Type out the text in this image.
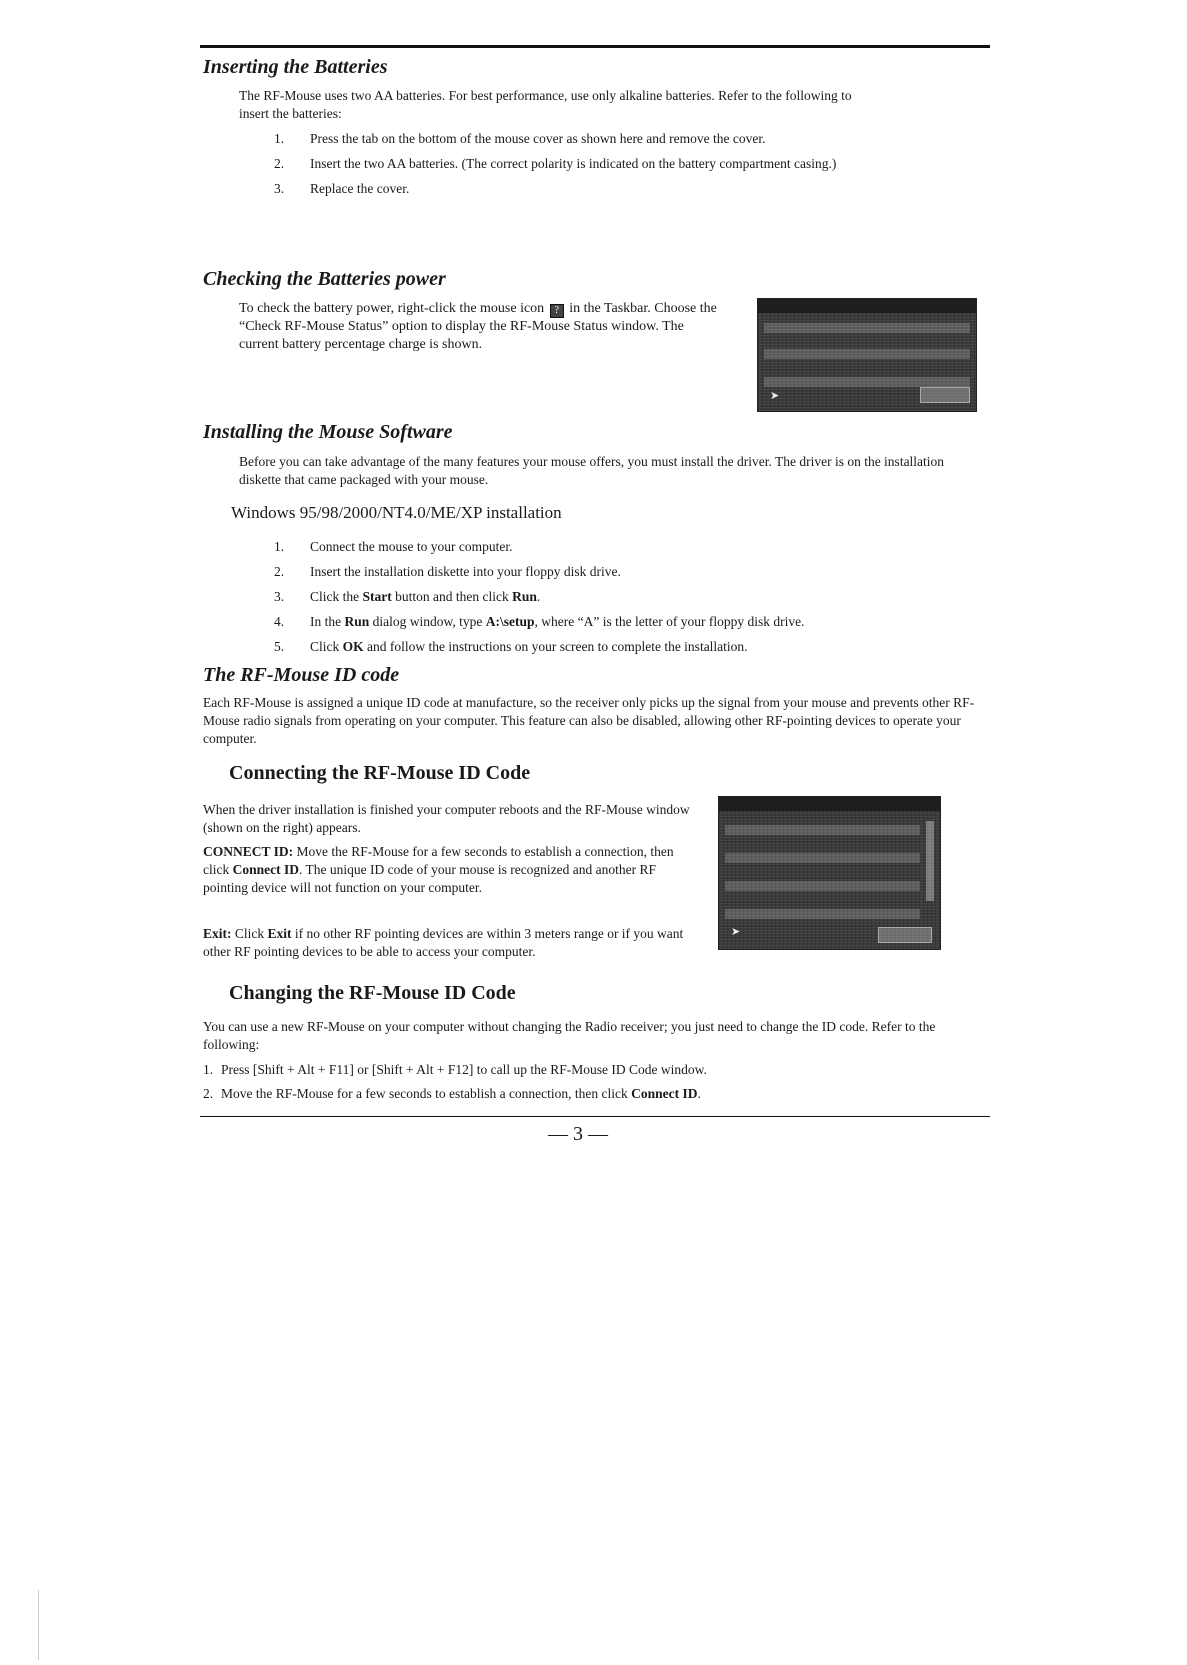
Inserting the Batteries

The RF-Mouse uses two AA batteries. For best performance, use only alkaline batteries. Refer to the following to insert the batteries:

1. Press the tab on the bottom of the mouse cover as shown here and remove the cover.
2. Insert the two AA batteries. (The correct polarity is indicated on the battery compartment casing.)
3. Replace the cover.
Checking the Batteries power

To check the battery power, right-click the mouse icon ? in the Taskbar. Choose the “Check RF-Mouse Status” option to display the RF-Mouse Status window. The current battery percentage charge is shown.

➤
Installing the Mouse Software

Before you can take advantage of the many features your mouse offers, you must install the driver. The driver is on the installation diskette that came packaged with your mouse.

Windows 95/98/2000/NT4.0/ME/XP installation
1. Connect the mouse to your computer.
2. Insert the installation diskette into your floppy disk drive.
3. Click the Start button and then click Run.
4. In the Run dialog window, type A:\setup, where “A” is the letter of your floppy disk drive.
5. Click OK and follow the instructions on your screen to complete the installation.
The RF-Mouse ID code

Each RF-Mouse is assigned a unique ID code at manufacture, so the receiver only picks up the signal from your mouse and prevents other RF-Mouse radio signals from operating on your computer. This feature can also be disabled, allowing other RF-pointing devices to operate your computer.

Connecting the RF-Mouse ID Code

When the driver installation is finished your computer reboots and the RF-Mouse window (shown on the right) appears.

CONNECT ID: Move the RF-Mouse for a few seconds to establish a connection, then click Connect ID. The unique ID code of your mouse is recognized and another RF pointing device will not function on your computer.

Exit: Click Exit if no other RF pointing devices are within 3 meters range or if you want other RF pointing devices to be able to access your computer.

➤
Changing the RF-Mouse ID Code

You can use a new RF-Mouse on your computer without changing the Radio receiver; you just need to change the ID code. Refer to the following:

1. Press [Shift + Alt + F11] or [Shift + Alt + F12] to call up the RF-Mouse ID Code window.
2. Move the RF-Mouse for a few seconds to establish a connection, then click Connect ID.
— 3 —
